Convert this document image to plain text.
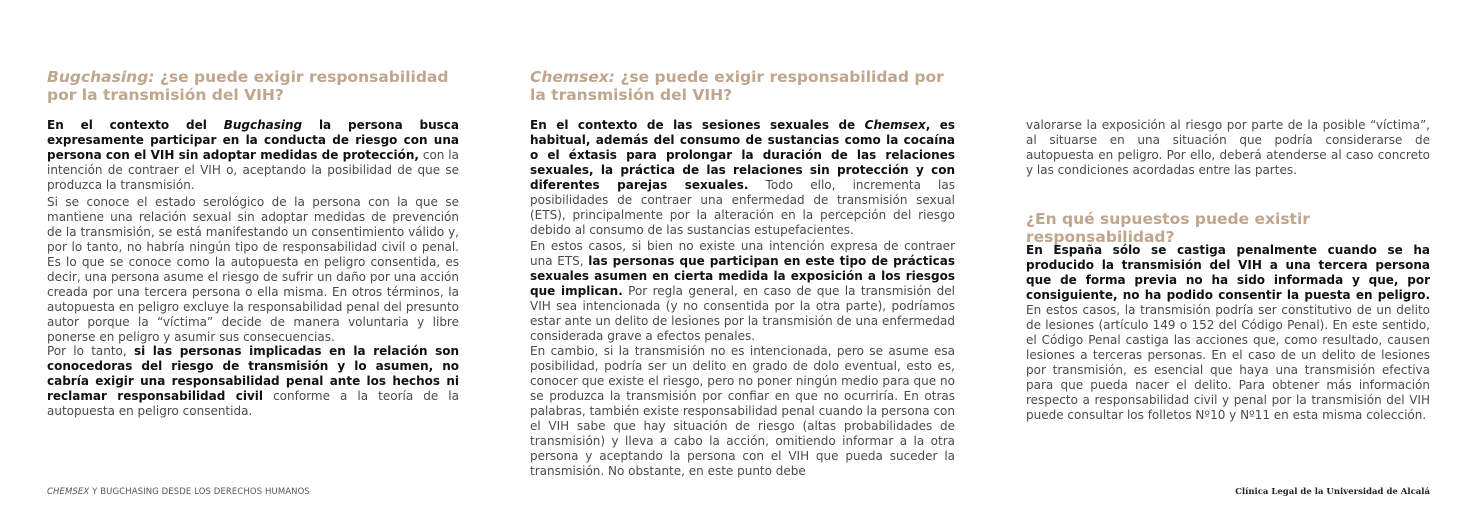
Bugchasing: ¿se puede exigir responsabilidad por la transmisión del VIH?

En el contexto del Bugchasing la persona busca expresamente participar en la conducta de riesgo con una persona con el VIH sin adoptar medidas de protección, con la intención de contraer el VIH o, aceptando la posibilidad de que se produzca la transmisión.

Si se conoce el estado serológico de la persona con la que se mantiene una relación sexual sin adoptar medidas de prevención de la transmisión, se está manifestando un consentimiento válido y, por lo tanto, no habría ningún tipo de responsabilidad civil o penal. Es lo que se conoce como la autopuesta en peligro consentida, es decir, una persona asume el riesgo de sufrir un daño por una acción creada por una tercera persona o ella misma. En otros términos, la autopuesta en peligro excluye la responsabilidad penal del presunto autor porque la “víctima” decide de manera voluntaria y libre ponerse en peligro y asumir sus consecuencias.

Por lo tanto, si las personas implicadas en la relación son conocedoras del riesgo de transmisión y lo asumen, no cabría exigir una responsabilidad penal ante los hechos ni reclamar responsabilidad civil conforme a la teoría de la autopuesta en peligro consentida.

Chemsex: ¿se puede exigir responsabilidad por la transmisión del VIH?

En el contexto de las sesiones sexuales de Chemsex, es habitual, además del consumo de sustancias como la cocaína o el éxtasis para prolongar la duración de las relaciones sexuales, la práctica de las relaciones sin protección y con diferentes parejas sexuales. Todo ello, incrementa las posibilidades de contraer una enfermedad de transmisión sexual (ETS), principalmente por la alteración en la percepción del riesgo debido al consumo de las sustancias estupefacientes.

En estos casos, si bien no existe una intención expresa de contraer una ETS, las personas que participan en este tipo de prácticas sexuales asumen en cierta medida la exposición a los riesgos que implican. Por regla general, en caso de que la transmisión del VIH sea intencionada (y no consentida por la otra parte), podríamos estar ante un delito de lesiones por la transmisión de una enfermedad considerada grave a efectos penales.

En cambio, si la transmisión no es intencionada, pero se asume esa posibilidad, podría ser un delito en grado de dolo eventual, esto es, conocer que existe el riesgo, pero no poner ningún medio para que no se produzca la transmisión por confiar en que no ocurriría. En otras palabras, también existe responsabilidad penal cuando la persona con el VIH sabe que hay situación de riesgo (altas probabilidades de transmisión) y lleva a cabo la acción, omitiendo informar a la otra persona y aceptando la persona con el VIH que pueda suceder la transmisión. No obstante, en este punto debe

valorarse la exposición al riesgo por parte de la posible “víctima”, al situarse en una situación que podría considerarse de autopuesta en peligro. Por ello, deberá atenderse al caso concreto y las condiciones acordadas entre las partes.

¿En qué supuestos puede existir responsabilidad?

En España sólo se castiga penalmente cuando se ha producido la transmisión del VIH a una tercera persona que de forma previa no ha sido informada y que, por consiguiente, no ha podido consentir la puesta en peligro. En estos casos, la transmisión podría ser constitutivo de un delito de lesiones (artículo 149 o 152 del Código Penal). En este sentido, el Código Penal castiga las acciones que, como resultado, causen lesiones a terceras personas. En el caso de un delito de lesiones por transmisión, es esencial que haya una transmisión efectiva para que pueda nacer el delito. Para obtener más información respecto a responsabilidad civil y penal por la transmisión del VIH puede consultar los folletos Nº10 y Nº11 en esta misma colección.

CHEMSEX Y BUGCHASING DESDE LOS DERECHOS HUMANOS	Clínica Legal de la Universidad de Alcalá
